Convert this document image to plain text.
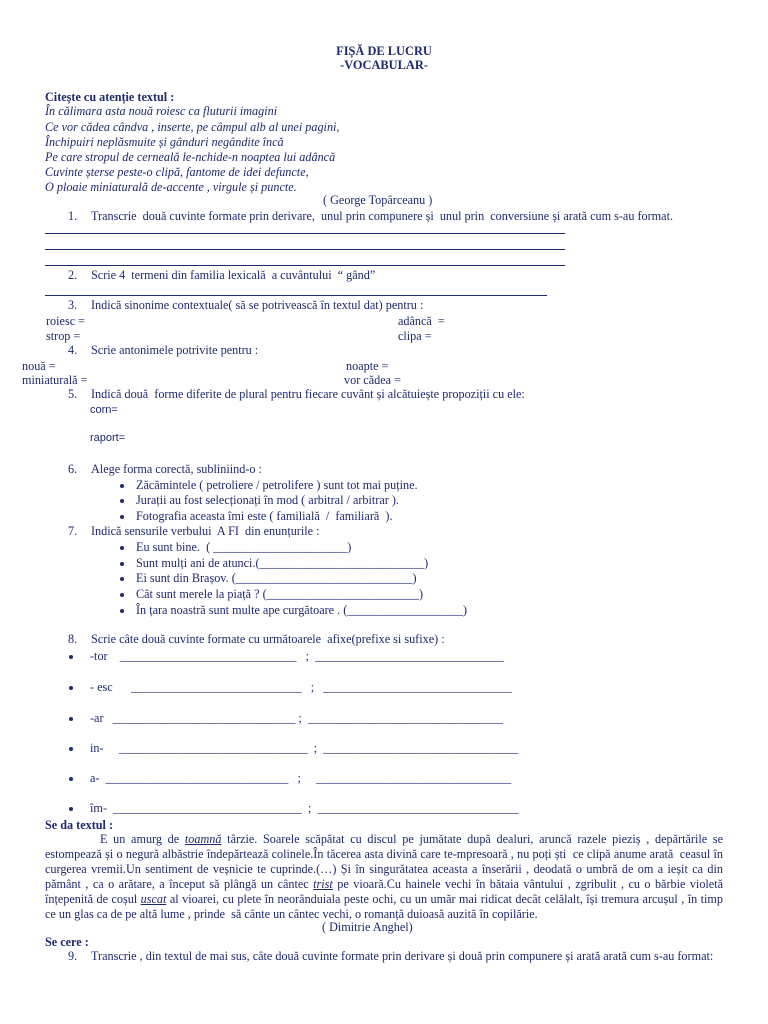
FIȘĂ DE LUCRU
-VOCABULAR-
Citește cu atenție textul :
În călimara asta nouă roiesc ca fluturii imagini
Ce vor cădea cândva , inserte, pe câmpul alb al unei pagini,
Închipuiri neplăsmuite și gânduri negândite încă
Pe care stropul de cerneală le-nchide-n noaptea lui adâncă
Cuvinte șterse peste-o clipă, fantome de idei defuncte,
O ploaie miniaturală de-accente , virgule și puncte.
( George Topârceanu )
1. Transcrie  două cuvinte formate prin derivare,  unul prin compunere și  unul prin  conversiune și arată cum s-au format.
2. Scrie 4  termeni din familia lexicală  a cuvântului  “ gând”
3. Indică sinonime contextuale( să se potrivească în textul dat) pentru :
roiesc =	adâncă  =
strop =	clipa =
4. Scrie antonimele potrivite pentru :
nouă =	noapte =
miniaturală =	vor cădea =
5. Indică două  forme diferite de plural pentru fiecare cuvânt și alcătuiește propoziții cu ele:
corn=
raport=
6. Alege forma corectă, subliniind-o :
Zăcămintele ( petroliere / petrolifere ) sunt tot mai puține.
Jurații au fost selecționați în mod ( arbitral / arbitrar ).
Fotografia aceasta îmi este ( familială  /  familiară  ).
7. Indică sensurile verbului  A FI  din enunțurile :
Eu sunt bine.  ( ______________________)
Sunt mulți ani de atunci.(___________________________)
Ei sunt din Brașov. (_____________________________)
Cât sunt merele la piață ? (_________________________)
În țara noastră sunt multe ape curgătoare . (___________________)
8. Scrie câte două cuvinte formate cu următoarele  afixe(prefixe si sufixe) :
-tor    _____________________________   ;  _______________________________
- esc      ____________________________   ;   _______________________________
-ar   ______________________________ ;  ________________________________
in-     _______________________________  ;  ________________________________
a-  ______________________________   ;     ________________________________
îm-  _______________________________  ;  _________________________________
Se da textul :
E un amurg de toamnă târzie. Soarele scăpătat cu discul pe jumătate după dealuri, aruncă razele pieziș , depărtările se estompează și o negură albăstrie îndepărtează colinele.În tăcerea asta divină care te-mpresoară , nu poți ști  ce clipă anume arată  ceasul în curgerea vremii.Un sentiment de veșnicie te cuprinde.(…) Și în singurătatea aceasta a înserării , deodată o umbră de om a ieșit ca din pământ , ca o arătare, a început să plângă un cântec trist pe vioară.Cu hainele vechi în bătaia vântului , zgribulit , cu o bărbie violetă înțepenită de coșul uscat al vioarei, cu plete în neorânduiala peste ochi, cu un umăr mai ridicat decât celălalt, își tremura arcușul , în timp ce un glas ca de pe altă lume , prinde  să cânte un cântec vechi, o romanță duioasă auzită în copilărie.
( Dimitrie Anghel)
Se cere :
9. Transcrie , din textul de mai sus, câte două cuvinte formate prin derivare și două prin compunere și arată arată cum s-au format:
